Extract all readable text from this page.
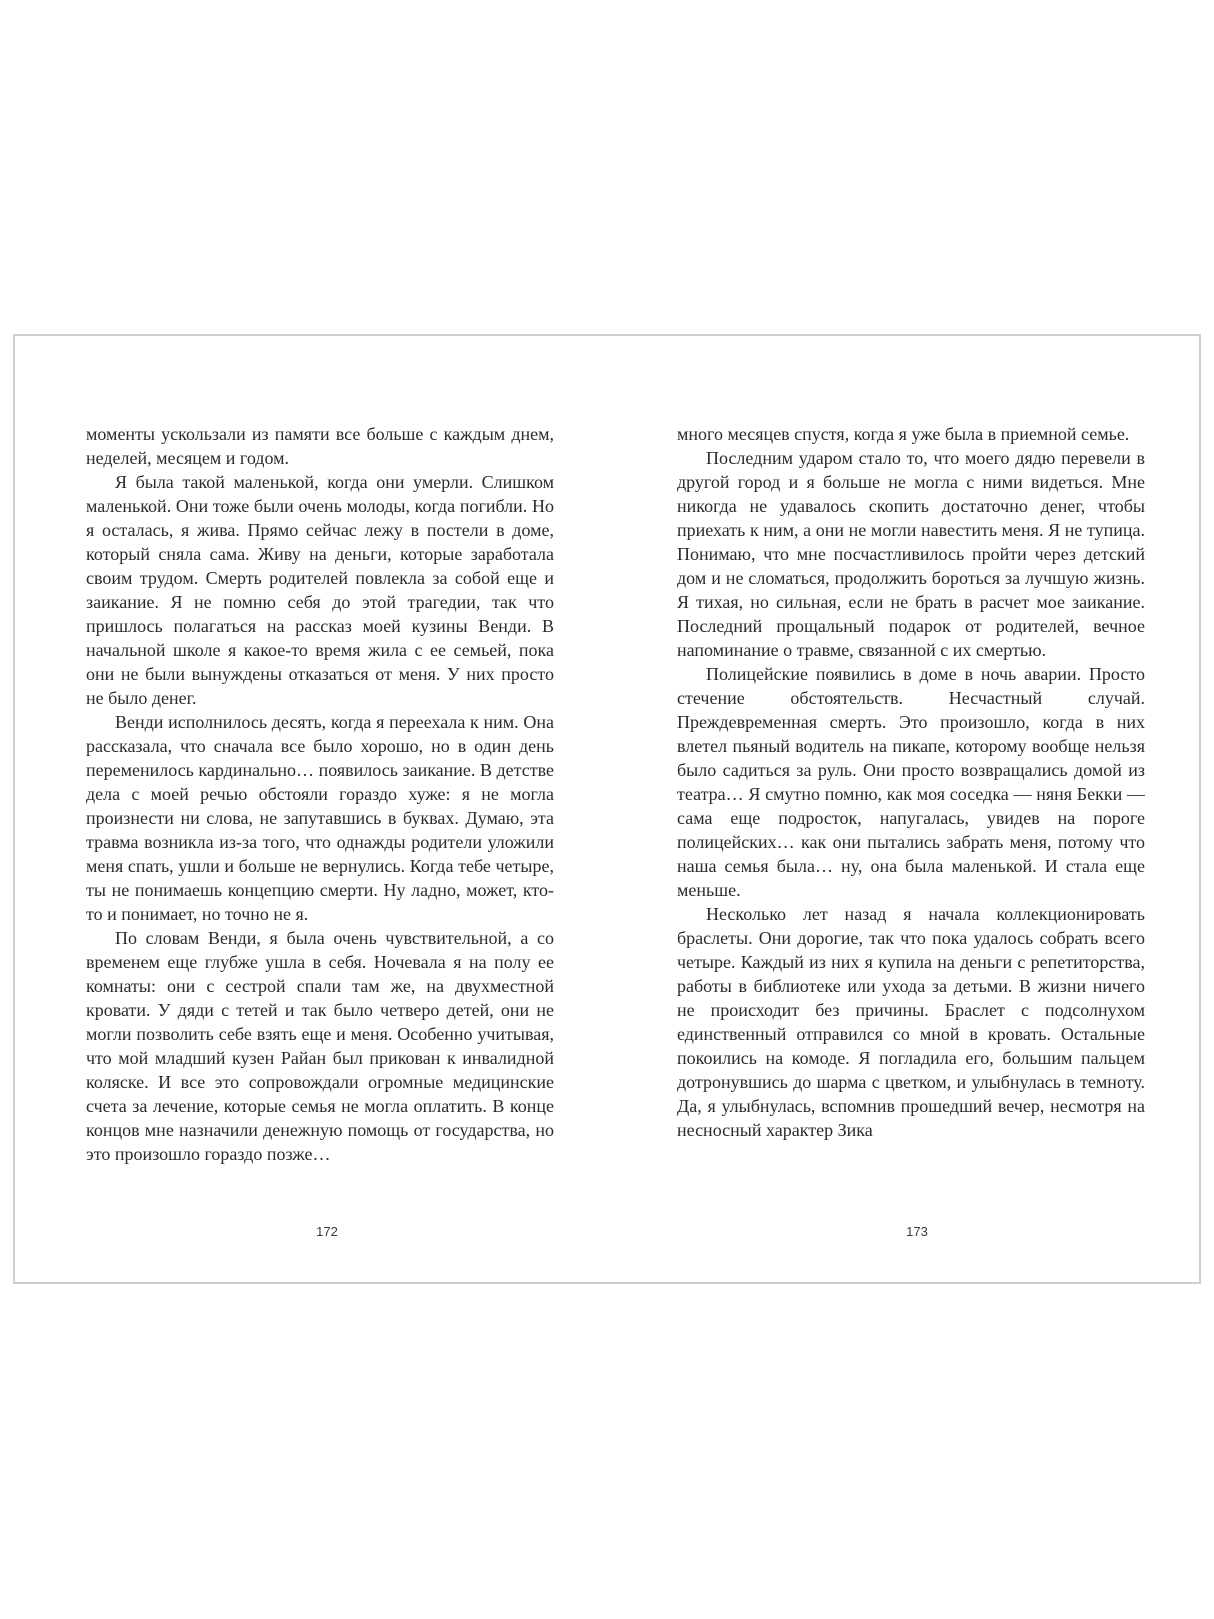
моменты ускользали из памяти все больше с каждым днем, неделей, месяцем и годом.

Я была такой маленькой, когда они умерли. Слишком маленькой. Они тоже были очень молоды, когда погибли. Но я осталась, я жива. Прямо сейчас лежу в постели в доме, который сняла сама. Живу на деньги, которые заработала своим трудом. Смерть родителей повлекла за собой еще и заикание. Я не помню себя до этой трагедии, так что пришлось полагаться на рассказ моей кузины Венди. В начальной школе я какое-то время жила с ее семьей, пока они не были вынуждены отказаться от меня. У них просто не было денег.

Венди исполнилось десять, когда я переехала к ним. Она рассказала, что сначала все было хорошо, но в один день переменилось кардинально… появилось заикание. В детстве дела с моей речью обстояли гораздо хуже: я не могла произнести ни слова, не запутавшись в буквах. Думаю, эта травма возникла из-за того, что однажды родители уложили меня спать, ушли и больше не вернулись. Когда тебе четыре, ты не понимаешь концепцию смерти. Ну ладно, может, кто-то и понимает, но точно не я.

По словам Венди, я была очень чувствительной, а со временем еще глубже ушла в себя. Ночевала я на полу ее комнаты: они с сестрой спали там же, на двухместной кровати. У дяди с тетей и так было четверо детей, они не могли позволить себе взять еще и меня. Особенно учитывая, что мой младший кузен Райан был прикован к инвалидной коляске. И все это сопровождали огромные медицинские счета за лечение, которые семья не могла оплатить. В конце концов мне назначили денежную помощь от государства, но это произошло гораздо позже…

много месяцев спустя, когда я уже была в приемной семье.

Последним ударом стало то, что моего дядю перевели в другой город и я больше не могла с ними видеться. Мне никогда не удавалось скопить достаточно денег, чтобы приехать к ним, а они не могли навестить меня. Я не тупица. Понимаю, что мне посчастливилось пройти через детский дом и не сломаться, продолжить бороться за лучшую жизнь. Я тихая, но сильная, если не брать в расчет мое заикание. Последний прощальный подарок от родителей, вечное напоминание о травме, связанной с их смертью.

Полицейские появились в доме в ночь аварии. Просто стечение обстоятельств. Несчастный случай. Преждевременная смерть. Это произошло, когда в них влетел пьяный водитель на пикапе, которому вообще нельзя было садиться за руль. Они просто возвращались домой из театра… Я смутно помню, как моя соседка — няня Бекки — сама еще подросток, напугалась, увидев на пороге полицейских… как они пытались забрать меня, потому что наша семья была… ну, она была маленькой. И стала еще меньше.

Несколько лет назад я начала коллекционировать браслеты. Они дорогие, так что пока удалось собрать всего четыре. Каждый из них я купила на деньги с репетиторства, работы в библиотеке или ухода за детьми. В жизни ничего не происходит без причины. Браслет с подсолнухом единственный отправился со мной в кровать. Остальные покоились на комоде. Я погладила его, большим пальцем дотронувшись до шарма с цветком, и улыбнулась в темноту. Да, я улыбнулась, вспомнив прошедший вечер, несмотря на несносный характер Зика

172	173
